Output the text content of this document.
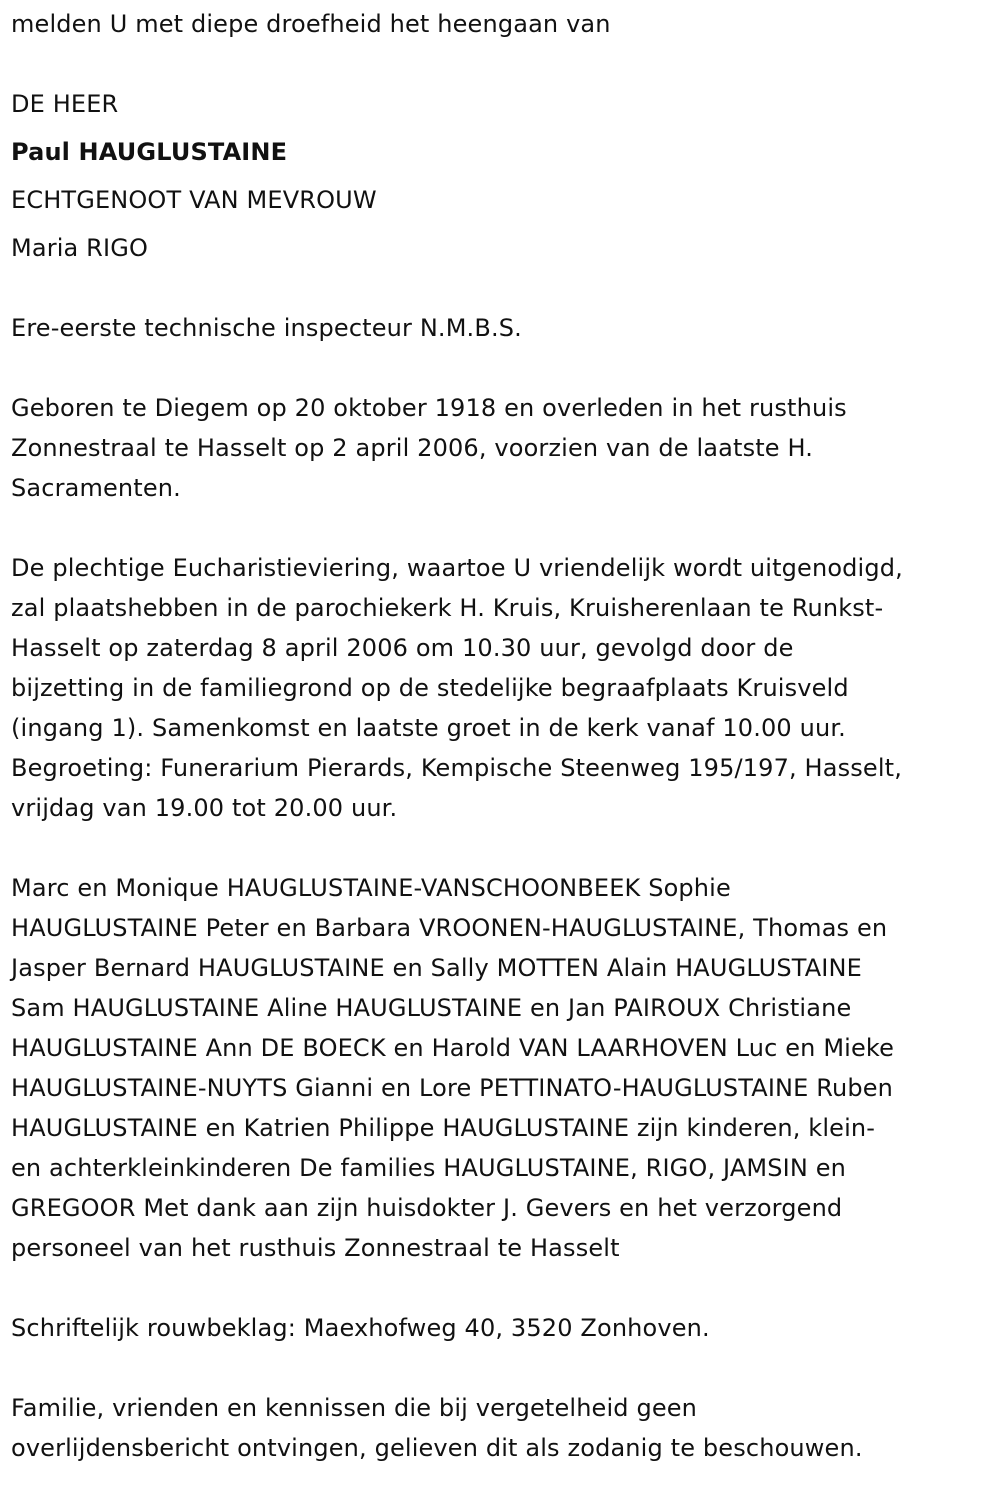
melden U met diepe droefheid het heengaan van

DE HEER

Paul HAUGLUSTAINE

ECHTGENOOT VAN MEVROUW

Maria RIGO

Ere-eerste technische inspecteur N.M.B.S.

Geboren te Diegem op 20 oktober 1918 en overleden in het rusthuis
Zonnestraal te Hasselt op 2 april 2006, voorzien van de laatste H.
Sacramenten.
De plechtige Eucharistieviering, waartoe U vriendelijk wordt uitgenodigd,
zal plaatshebben in de parochiekerk H. Kruis, Kruisherenlaan te Runkst-
Hasselt op zaterdag 8 april 2006 om 10.30 uur, gevolgd door de
bijzetting in de familiegrond op de stedelijke begraafplaats Kruisveld
(ingang 1). Samenkomst en laatste groet in de kerk vanaf 10.00 uur.
Begroeting: Funerarium Pierards, Kempische Steenweg 195/197, Hasselt,
vrijdag van 19.00 tot 20.00 uur.
Marc en Monique HAUGLUSTAINE-VANSCHOONBEEK Sophie
HAUGLUSTAINE Peter en Barbara VROONEN-HAUGLUSTAINE, Thomas en
Jasper Bernard HAUGLUSTAINE en Sally MOTTEN Alain HAUGLUSTAINE
Sam HAUGLUSTAINE Aline HAUGLUSTAINE en Jan PAIROUX Christiane
HAUGLUSTAINE Ann DE BOECK en Harold VAN LAARHOVEN Luc en Mieke
HAUGLUSTAINE-NUYTS Gianni en Lore PETTINATO-HAUGLUSTAINE Ruben
HAUGLUSTAINE en Katrien Philippe HAUGLUSTAINE zijn kinderen, klein-
en achterkleinkinderen De families HAUGLUSTAINE, RIGO, JAMSIN en
GREGOOR Met dank aan zijn huisdokter J. Gevers en het verzorgend
personeel van het rusthuis Zonnestraal te Hasselt

Schriftelijk rouwbeklag: Maexhofweg 40, 3520 Zonhoven.

Familie, vrienden en kennissen die bij vergetelheid geen
overlijdensbericht ontvingen, gelieven dit als zodanig te beschouwen.
